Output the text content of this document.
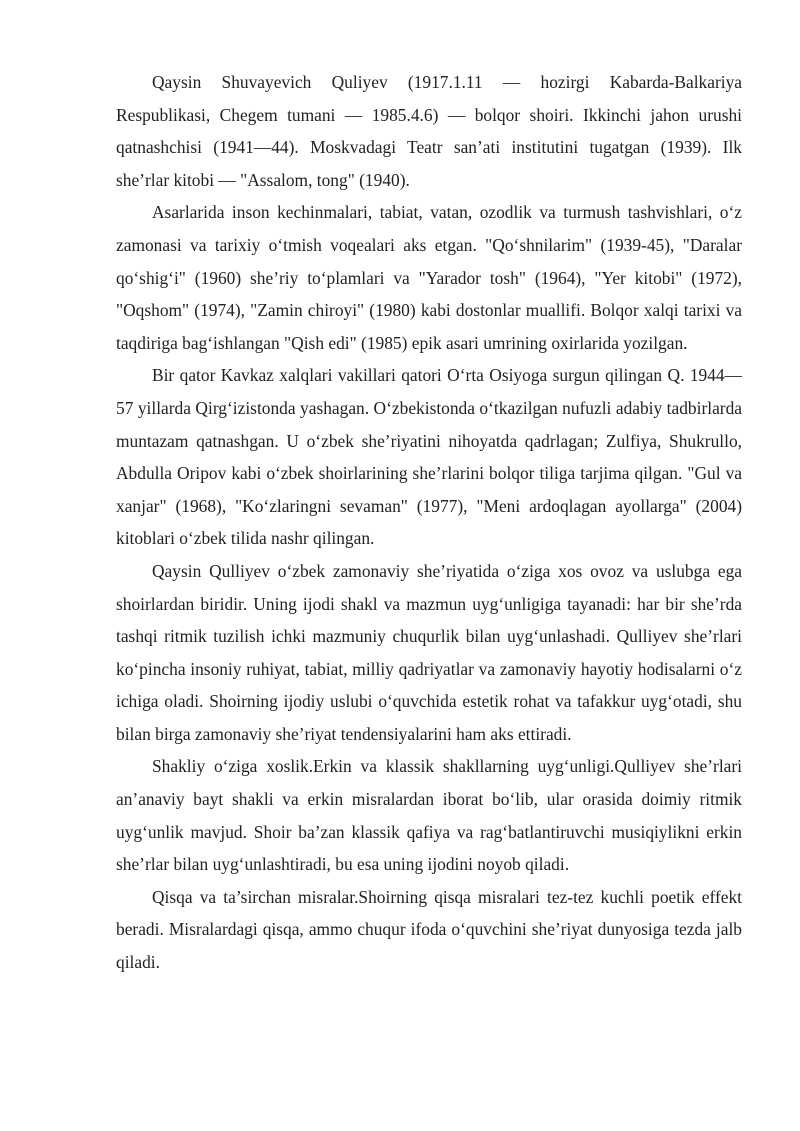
Qaysin Shuvayevich Quliyev (1917.1.11 — hozirgi Kabarda-Balkariya Respublikasi, Chegem tumani — 1985.4.6) — bolqor shoiri. Ikkinchi jahon urushi qatnashchisi (1941—44). Moskvadagi Teatr san’ati institutini tugatgan (1939). Ilk she’rlar kitobi — "Assalom, tong" (1940).

Asarlarida inson kechinmalari, tabiat, vatan, ozodlik va turmush tashvishlari, o‘z zamonasi va tarixiy o‘tmish voqealari aks etgan. "Qo‘shnilarim" (1939-45), "Daralar qo‘shig‘i" (1960) she’riy to‘plamlari va "Yarador tosh" (1964), "Yer kitobi" (1972), "Oqshom" (1974), "Zamin chiroyi" (1980) kabi dostonlar muallifi. Bolqor xalqi tarixi va taqdiriga bag‘ishlangan "Qish edi" (1985) epik asari umrining oxirlarida yozilgan.

Bir qator Kavkaz xalqlari vakillari qatori O‘rta Osiyoga surgun qilingan Q. 1944—57 yillarda Qirg‘izistonda yashagan. O‘zbekistonda o‘tkazilgan nufuzli adabiy tadbirlarda muntazam qatnashgan. U o‘zbek she’riyatini nihoyatda qadrlagan; Zulfiya, Shukrullo, Abdulla Oripov kabi o‘zbek shoirlarining she’rlarini bolqor tiliga tarjima qilgan. "Gul va xanjar" (1968), "Ko‘zlaringni sevaman" (1977), "Meni ardoqlagan ayollarga" (2004) kitoblari o‘zbek tilida nashr qilingan.

Qaysin Qulliyev o‘zbek zamonaviy she’riyatida o‘ziga xos ovoz va uslubga ega shoirlardan biridir. Uning ijodi shakl va mazmun uyg‘unligiga tayanadi: har bir she’rda tashqi ritmik tuzilish ichki mazmuniy chuqurlik bilan uyg‘unlashadi. Qulliyev she’rlari ko‘pincha insoniy ruhiyat, tabiat, milliy qadriyatlar va zamonaviy hayotiy hodisalarni o‘z ichiga oladi. Shoirning ijodiy uslubi o‘quvchida estetik rohat va tafakkur uyg‘otadi, shu bilan birga zamonaviy she’riyat tendensiyalarini ham aks ettiradi.

Shakliy o‘ziga xoslik.Erkin va klassik shakllarning uyg‘unligi.Qulliyev she’rlari an’anaviy bayt shakli va erkin misralardan iborat bo‘lib, ular orasida doimiy ritmik uyg‘unlik mavjud. Shoir ba’zan klassik qafiya va rag‘batlantiruvchi musiqiylikni erkin she’rlar bilan uyg‘unlashtiradi, bu esa uning ijodini noyob qiladi.

Qisqa va ta’sirchan misralar.Shoirning qisqa misralari tez-tez kuchli poetik effekt beradi. Misralardagi qisqa, ammo chuqur ifoda o‘quvchini she’riyat dunyosiga tezda jalb qiladi.
